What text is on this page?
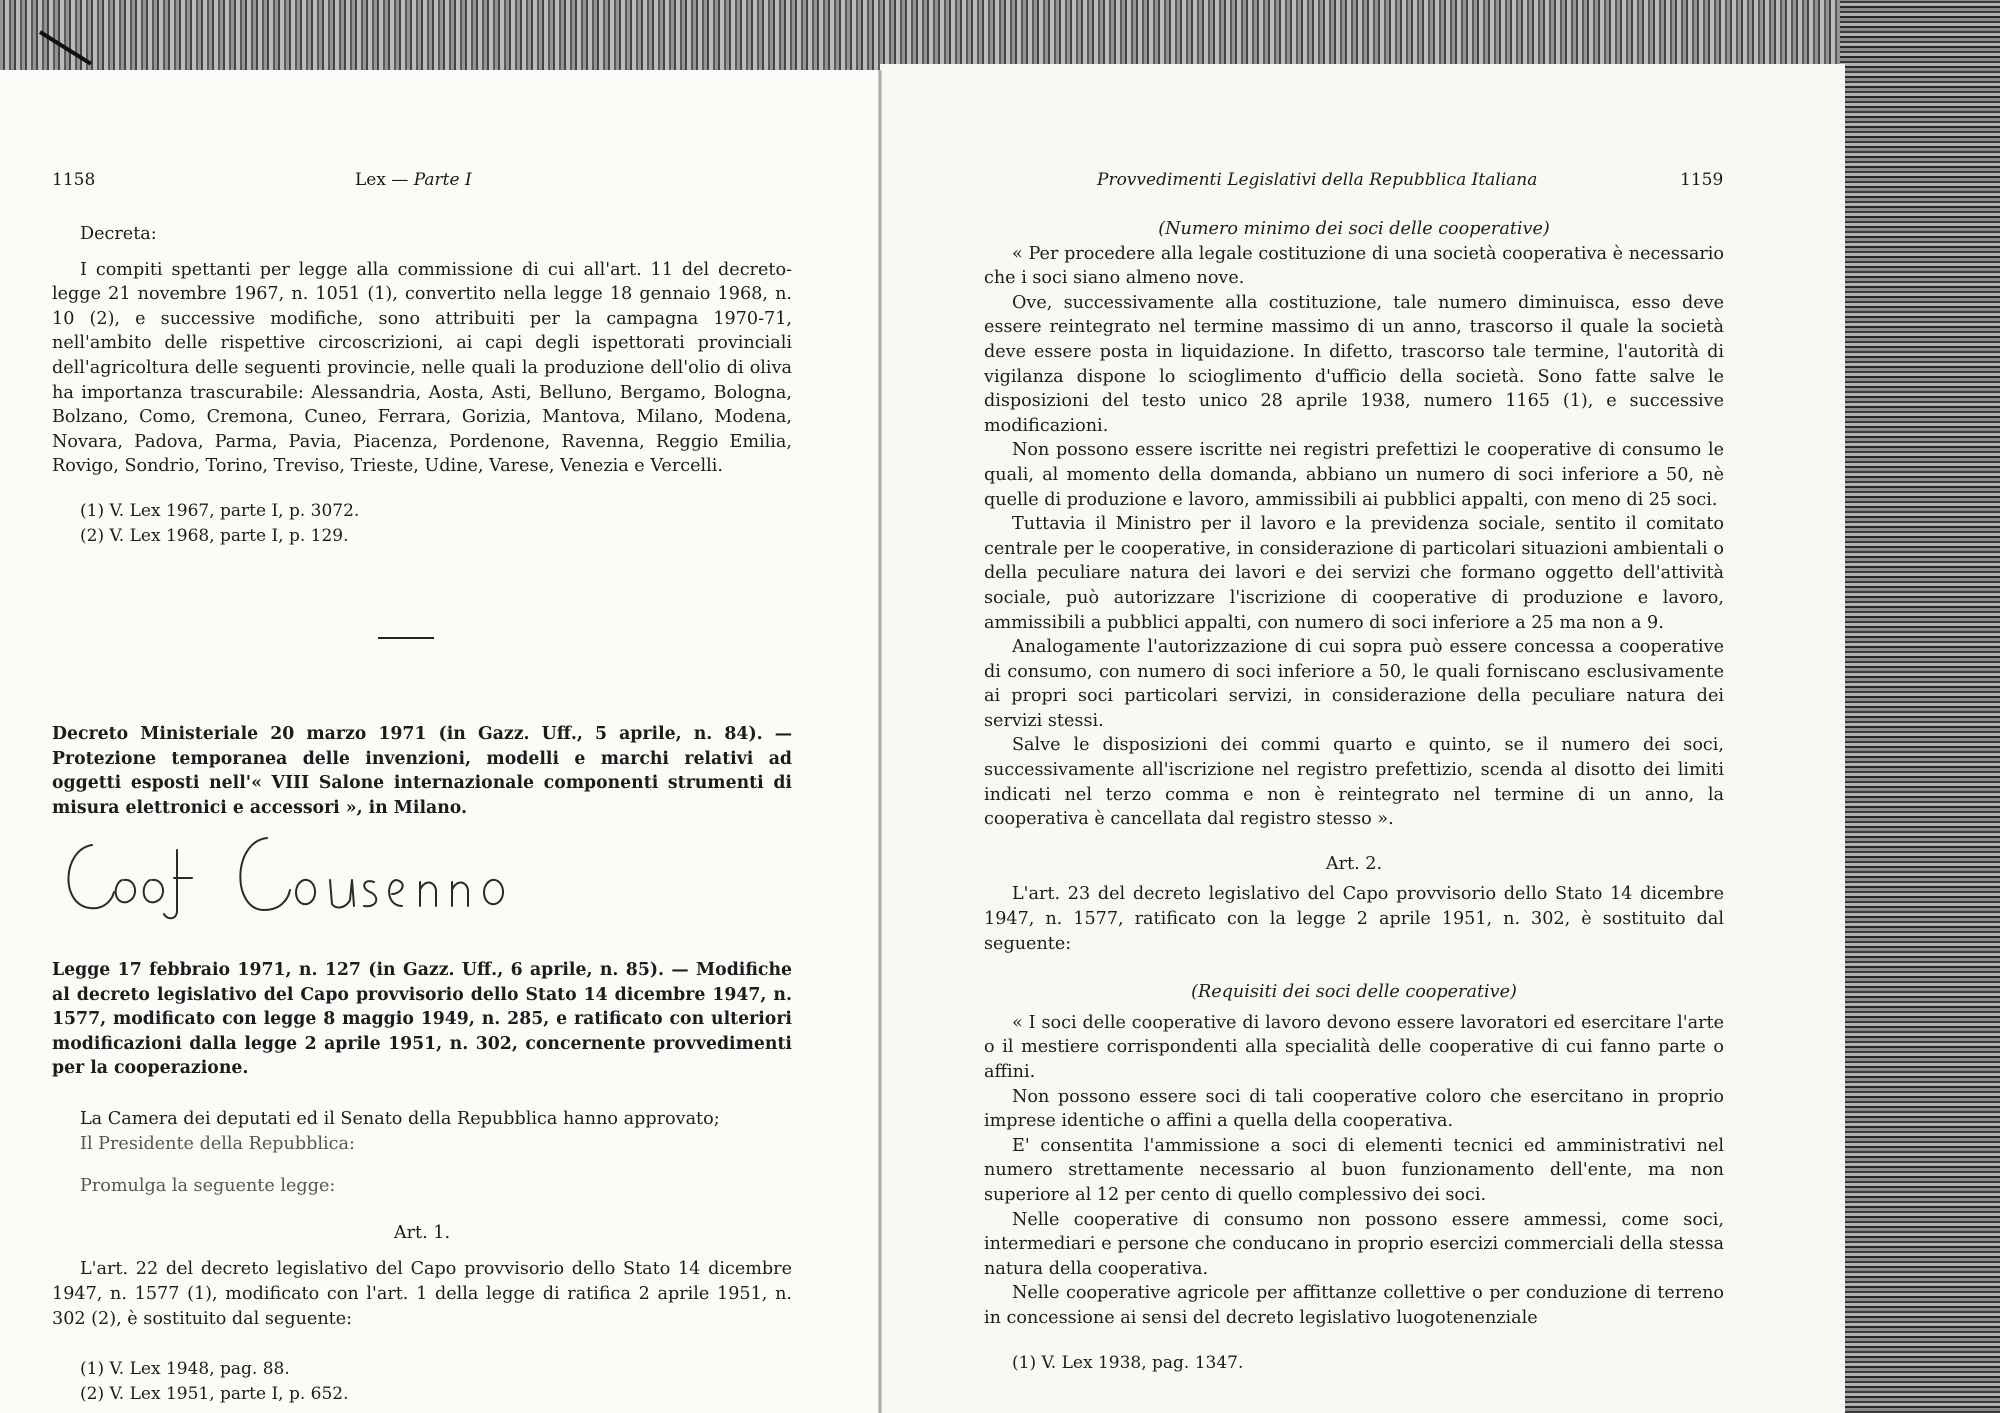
1158	Lex — Parte I

Decreta:

I compiti spettanti per legge alla commissione di cui all'art. 11 del decreto-legge 21 novembre 1967, n. 1051 (1), convertito nella legge 18 gennaio 1968, n. 10 (2), e successive modifiche, sono attribuiti per la campagna 1970-71, nell'ambito delle rispettive circoscrizioni, ai capi degli ispettorati provinciali dell'agricoltura delle seguenti provincie, nelle quali la produzione dell'olio di oliva ha importanza trascurabile: Alessandria, Aosta, Asti, Belluno, Bergamo, Bologna, Bolzano, Como, Cremona, Cuneo, Ferrara, Gorizia, Mantova, Milano, Modena, Novara, Padova, Parma, Pavia, Piacenza, Pordenone, Ravenna, Reggio Emilia, Rovigo, Sondrio, Torino, Treviso, Trieste, Udine, Varese, Venezia e Vercelli.

(1) V. Lex 1967, parte I, p. 3072.
(2) V. Lex 1968, parte I, p. 129.

Decreto Ministeriale 20 marzo 1971 (in Gazz. Uff., 5 aprile, n. 84). — Protezione temporanea delle invenzioni, modelli e marchi relativi ad oggetti esposti nell'« VIII Salone internazionale componenti strumenti di misura elettronici e accessori », in Milano.

Coop. Consenso

Legge 17 febbraio 1971, n. 127 (in Gazz. Uff., 6 aprile, n. 85). — Modifiche al decreto legislativo del Capo provvisorio dello Stato 14 dicembre 1947, n. 1577, modificato con legge 8 maggio 1949, n. 285, e ratificato con ulteriori modificazioni dalla legge 2 aprile 1951, n. 302, concernente provvedimenti per la cooperazione.

La Camera dei deputati ed il Senato della Repubblica hanno approvato;

Il Presidente della Repubblica:

Promulga la seguente legge:

Art. 1.

L'art. 22 del decreto legislativo del Capo provvisorio dello Stato 14 dicembre 1947, n. 1577 (1), modificato con l'art. 1 della legge di ratifica 2 aprile 1951, n. 302 (2), è sostituito dal seguente:

(1) V. Lex 1948, pag. 88.
(2) V. Lex 1951, parte I, p. 652.
Provvedimenti Legislativi della Repubblica Italiana	1159

(Numero minimo dei soci delle cooperative)

« Per procedere alla legale costituzione di una società cooperativa è necessario che i soci siano almeno nove.

Ove, successivamente alla costituzione, tale numero diminuisca, esso deve essere reintegrato nel termine massimo di un anno, trascorso il quale la società deve essere posta in liquidazione. In difetto, trascorso tale termine, l'autorità di vigilanza dispone lo scioglimento d'ufficio della società. Sono fatte salve le disposizioni del testo unico 28 aprile 1938, numero 1165 (1), e successive modificazioni.

Non possono essere iscritte nei registri prefettizi le cooperative di consumo le quali, al momento della domanda, abbiano un numero di soci inferiore a 50, nè quelle di produzione e lavoro, ammissibili ai pubblici appalti, con meno di 25 soci.

Tuttavia il Ministro per il lavoro e la previdenza sociale, sentito il comitato centrale per le cooperative, in considerazione di particolari situazioni ambientali o della peculiare natura dei lavori e dei servizi che formano oggetto dell'attività sociale, può autorizzare l'iscrizione di cooperative di produzione e lavoro, ammissibili a pubblici appalti, con numero di soci inferiore a 25 ma non a 9.

Analogamente l'autorizzazione di cui sopra può essere concessa a cooperative di consumo, con numero di soci inferiore a 50, le quali forniscano esclusivamente ai propri soci particolari servizi, in considerazione della peculiare natura dei servizi stessi.

Salve le disposizioni dei commi quarto e quinto, se il numero dei soci, successivamente all'iscrizione nel registro prefettizio, scenda al disotto dei limiti indicati nel terzo comma e non è reintegrato nel termine di un anno, la cooperativa è cancellata dal registro stesso ».

Art. 2.

L'art. 23 del decreto legislativo del Capo provvisorio dello Stato 14 dicembre 1947, n. 1577, ratificato con la legge 2 aprile 1951, n. 302, è sostituito dal seguente:

(Requisiti dei soci delle cooperative)

« I soci delle cooperative di lavoro devono essere lavoratori ed esercitare l'arte o il mestiere corrispondenti alla specialità delle cooperative di cui fanno parte o affini.

Non possono essere soci di tali cooperative coloro che esercitano in proprio imprese identiche o affini a quella della cooperativa.

E' consentita l'ammissione a soci di elementi tecnici ed amministrativi nel numero strettamente necessario al buon funzionamento dell'ente, ma non superiore al 12 per cento di quello complessivo dei soci.

Nelle cooperative di consumo non possono essere ammessi, come soci, intermediari e persone che conducano in proprio esercizi commerciali della stessa natura della cooperativa.

Nelle cooperative agricole per affittanze collettive o per conduzione di terreno in concessione ai sensi del decreto legislativo luogotenenziale

(1) V. Lex 1938, pag. 1347.
